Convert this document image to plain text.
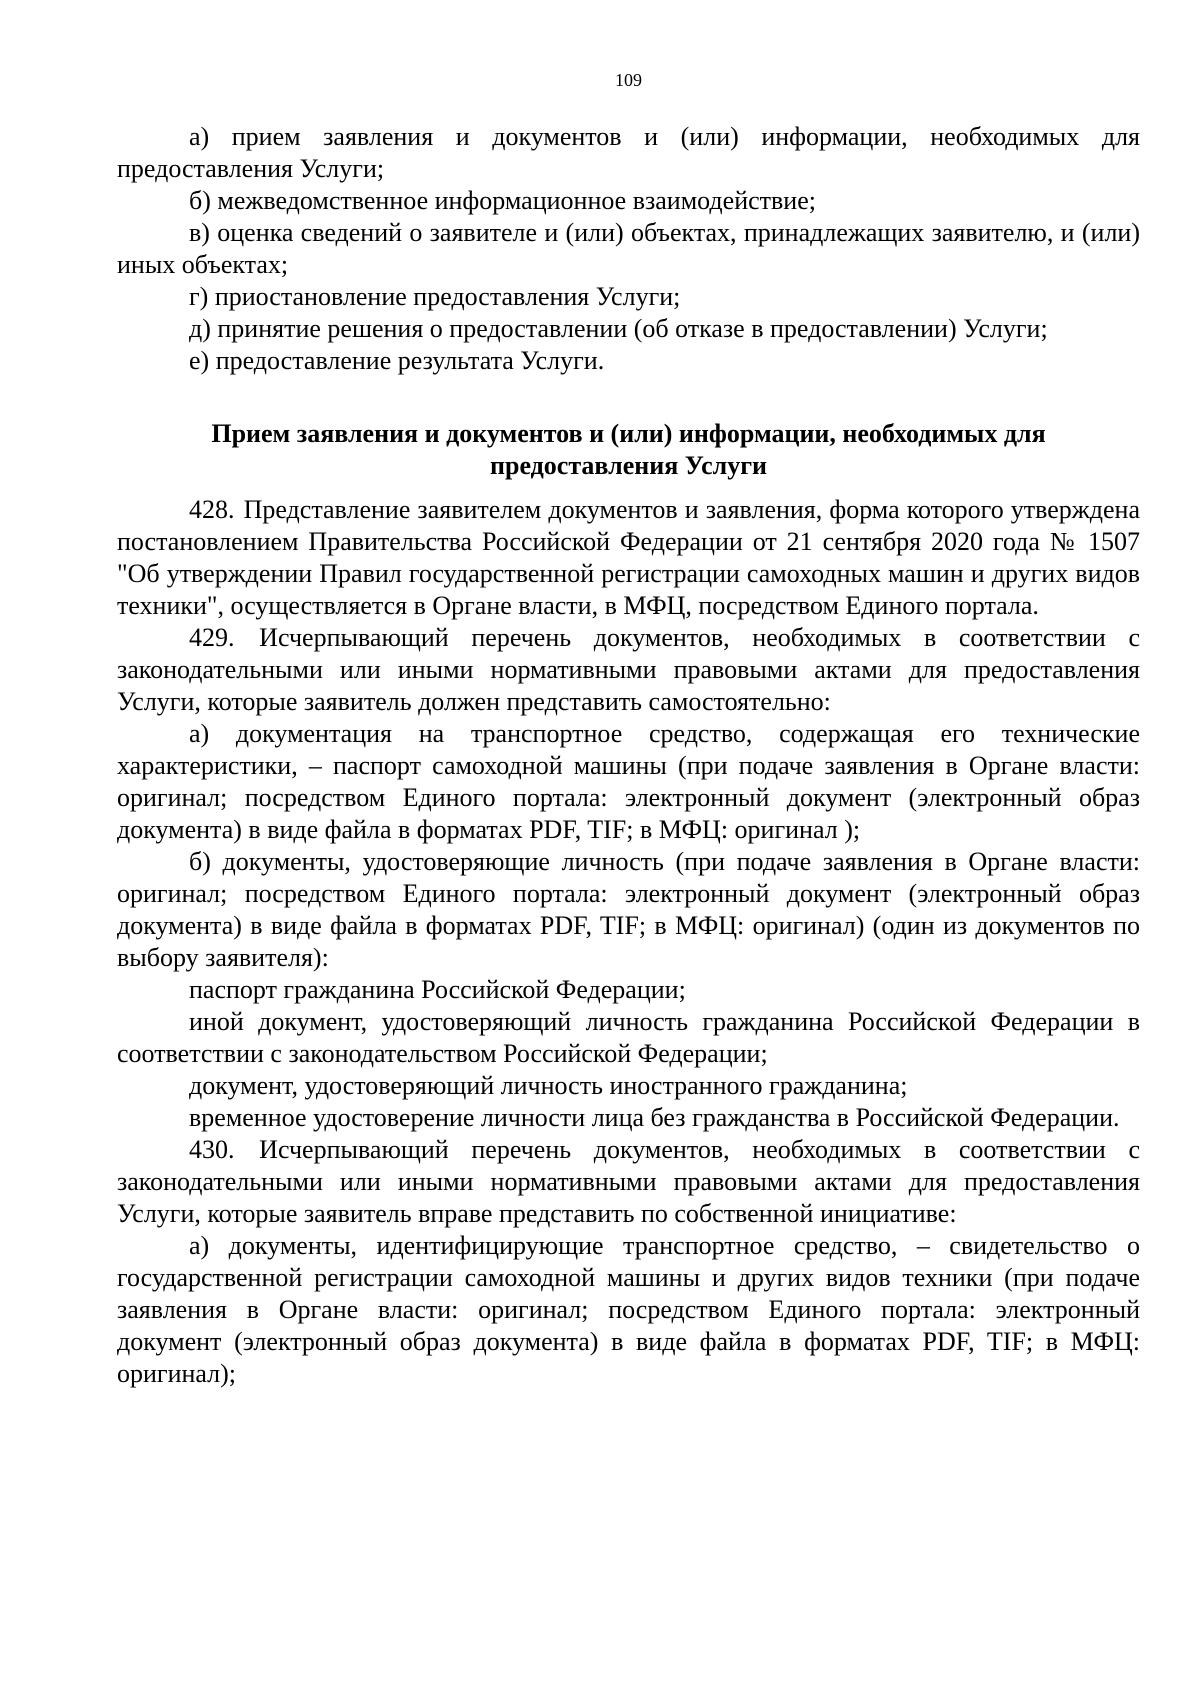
109

а) прием заявления и документов и (или) информации, необходимых для предоставления Услуги;

б) межведомственное информационное взаимодействие;

в) оценка сведений о заявителе и (или) объектах, принадлежащих заявителю, и (или) иных объектах;

г) приостановление предоставления Услуги;

д) принятие решения о предоставлении (об отказе в предоставлении) Услуги;

е) предоставление результата Услуги.

Прием заявления и документов и (или) информации, необходимых для
предоставления Услуги

428. Представление заявителем документов и заявления, форма которого утверждена постановлением Правительства Российской Федерации от 21 сентября 2020 года № 1507 "Об утверждении Правил государственной регистрации самоходных машин и других видов техники", осуществляется в Органе власти, в МФЦ, посредством Единого портала.

429. Исчерпывающий перечень документов, необходимых в соответствии с законодательными или иными нормативными правовыми актами для предоставления Услуги, которые заявитель должен представить самостоятельно:

а) документация на транспортное средство, содержащая его технические характеристики, – паспорт самоходной машины (при подаче заявления в Органе власти: оригинал; посредством Единого портала: электронный документ (электронный образ документа) в виде файла в форматах PDF, TIF; в МФЦ: оригинал );

б) документы, удостоверяющие личность (при подаче заявления в Органе власти: оригинал; посредством Единого портала: электронный документ (электронный образ документа) в виде файла в форматах PDF, TIF; в МФЦ: оригинал) (один из документов по выбору заявителя):

паспорт гражданина Российской Федерации;

иной документ, удостоверяющий личность гражданина Российской Федерации в соответствии с законодательством Российской Федерации;

документ, удостоверяющий личность иностранного гражданина;

временное удостоверение личности лица без гражданства в Российской Федерации.

430. Исчерпывающий перечень документов, необходимых в соответствии с законодательными или иными нормативными правовыми актами для предоставления Услуги, которые заявитель вправе представить по собственной инициативе:

а) документы, идентифицирующие транспортное средство, – свидетельство о государственной регистрации самоходной машины и других видов техники (при подаче заявления в Органе власти: оригинал; посредством Единого портала: электронный документ (электронный образ документа) в виде файла в форматах PDF, TIF; в МФЦ: оригинал);
